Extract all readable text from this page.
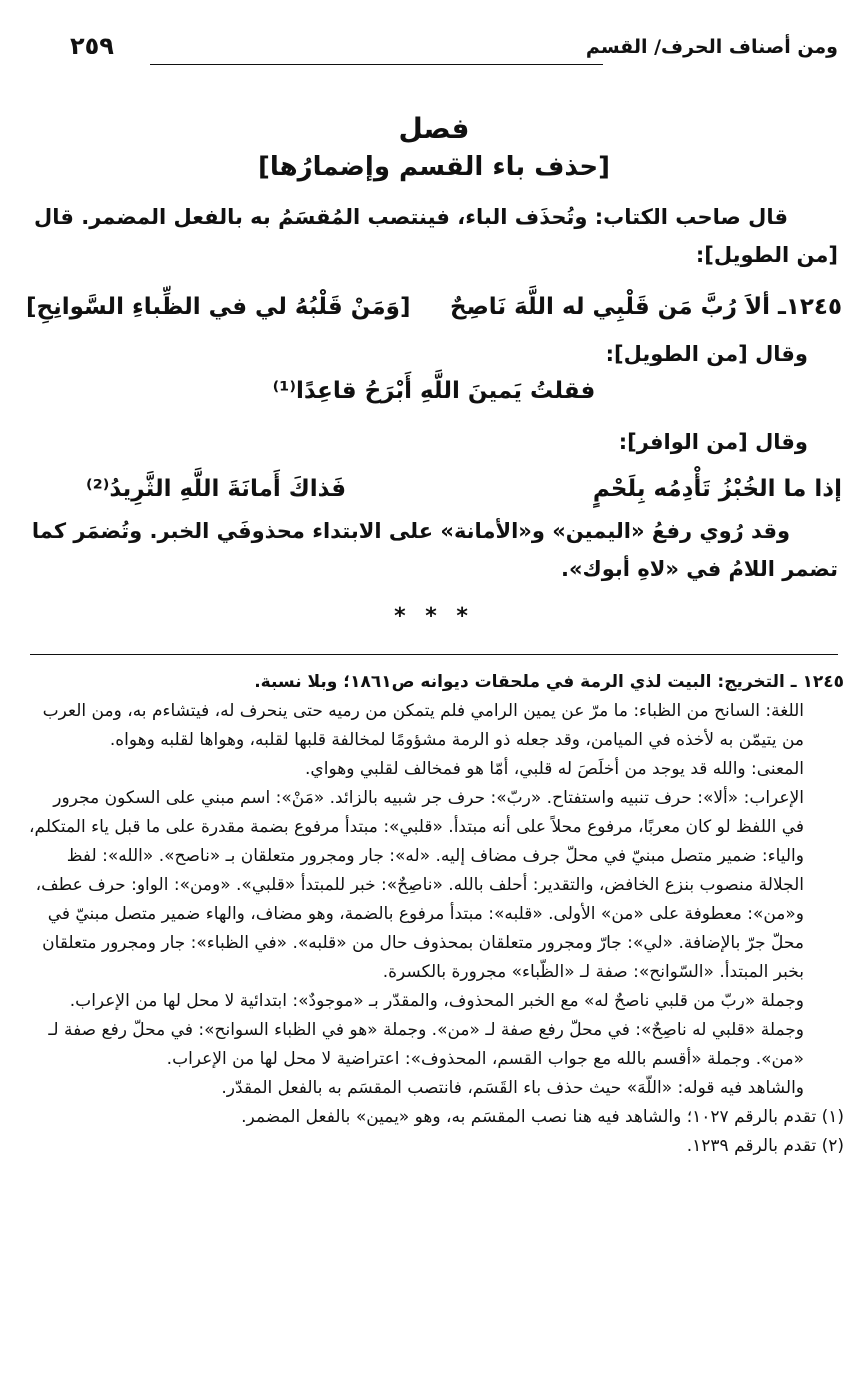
ومن أصناف الحرف/ القسم
٢٥٩
فصل
[حذف باء القسم وإضمارُها]
قال صاحب الكتاب: وتُحذَف الباء، فينتصب المُقسَمُ به بالفعل المضمر. قال [من الطويل]:
١٢٤٥ـ ألاَ رُبَّ مَن قَلْبِي له اللَّهَ نَاصِحٌ
[وَمَنْ قَلْبُهُ لي في الظِّباءِ السَّوانِحِ]
وقال [من الطويل]:
فقلتُ يَمينَ اللَّهِ أَبْرَحُ قاعِدًا⁽¹⁾
وقال [من الوافر]:
إذا ما الخُبْزُ تَأْدِمُه بِلَحْمٍ
فَذاكَ أَمانَةَ اللَّهِ الثَّرِيدُ⁽²⁾
وقد رُوي رفعُ «اليمين» و«الأمانة» على الابتداء محذوفَي الخبر. وتُضمَر كما تضمر اللامُ في «لاهِ أبوك».
* * *

١٢٤٥ ـ التخريج: البيت لذي الرمة في ملحقات ديوانه ص١٨٦١؛ وبلا نسبة.

اللغة: السانح من الظباء: ما مرّ عن يمين الرامي فلم يتمكن من رميه حتى ينحرف له، فيتشاءم به، ومن العرب من يتيمّن به لأخذه في الميامن، وقد جعله ذو الرمة مشؤومًا لمخالفة قلبها لقلبه، وهواها لقلبه وهواه.

المعنى: والله قد يوجد من أخلَصَ له قلبي، أمّا هو فمخالف لقلبي وهواي.

الإعراب: «ألا»: حرف تنبيه واستفتاح. «ربّ»: حرف جر شبيه بالزائد. «مَنْ»: اسم مبني على السكون مجرور في اللفظ لو كان معربًا، مرفوع محلاً على أنه مبتدأ. «قلبي»: مبتدأ مرفوع بضمة مقدرة على ما قبل ياء المتكلم، والياء: ضمير متصل مبنيّ في محلّ جرف مضاف إليه. «له»: جار ومجرور متعلقان بـ «ناصح». «الله»: لفظ الجلالة منصوب بنزع الخافض، والتقدير: أحلف بالله. «ناصِحٌ»: خبر للمبتدأ «قلبي». «ومن»: الواو: حرف عطف، و«من»: معطوفة على «من» الأولى. «قلبه»: مبتدأ مرفوع بالضمة، وهو مضاف، والهاء ضمير متصل مبنيّ في محلّ جرّ بالإضافة. «لي»: جارّ ومجرور متعلقان بمحذوف حال من «قلبه». «في الظباء»: جار ومجرور متعلقان بخبر المبتدأ. «السّوانح»: صفة لـ «الظّباء» مجرورة بالكسرة.

وجملة «ربّ من قلبي ناصحٌ له» مع الخبر المحذوف، والمقدّر بـ «موجودٌ»: ابتدائية لا محل لها من الإعراب. وجملة «قلبي له ناصِحٌ»: في محلّ رفع صفة لـ «من». وجملة «هو في الظباء السوانح»: في محلّ رفع صفة لـ «من». وجملة «أقسم بالله مع جواب القسم، المحذوف»: اعتراضية لا محل لها من الإعراب.

والشاهد فيه قوله: «اللّهَ» حيث حذف باء القَسَم، فانتصب المقسَم به بالفعل المقدّر.

(١) تقدم بالرقم ١٠٢٧؛ والشاهد فيه هنا نصب المقسَم به، وهو «يمين» بالفعل المضمر.

(٢) تقدم بالرقم ١٢٣٩.
